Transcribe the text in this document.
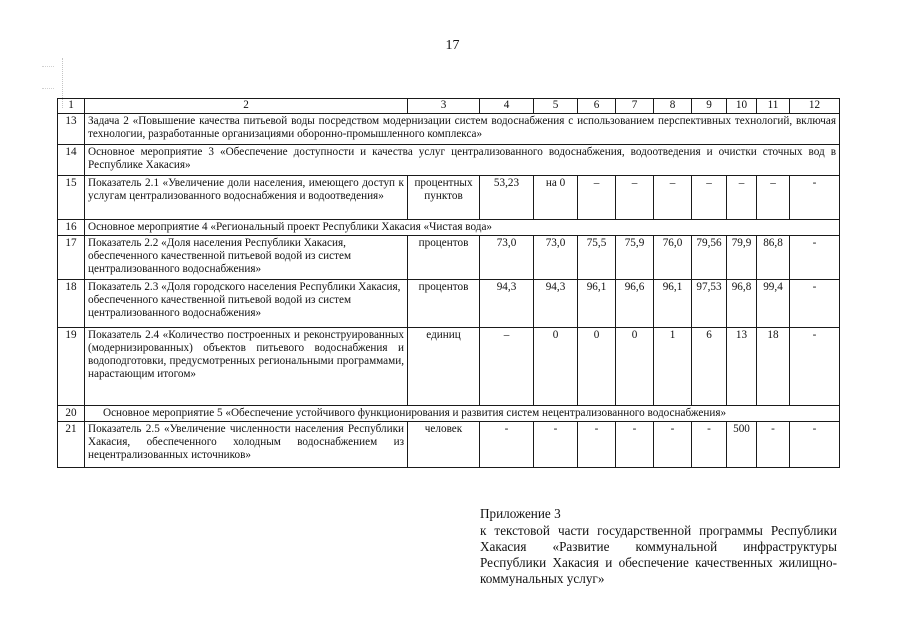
17
1	2	3	4	5	6	7	8	9	10	11	12
13	Задача 2 «Повышение качества питьевой воды посредством модернизации систем водоснабжения с использованием перспективных технологий, включая технологии, разработанные организациями оборонно-промышленного комплекса»										
14	Основное мероприятие 3 «Обеспечение доступности и качества услуг централизованного водоснабжения, водоотведения и очистки сточных вод в Республике Хакасия»										
15	Показатель 2.1 «Увеличение доли населения, имеющего доступ к услугам централизованного водоснабжения и водоотведения»	процентных пунктов	53,23	на 0	–	–	–	–	–	–	-
16	Основное мероприятие 4 «Региональный проект Республики Хакасия «Чистая вода»										
17	Показатель 2.2 «Доля населения Республики Хакасия, обеспеченного качественной питьевой водой из систем централизованного водоснабжения»	процентов	73,0	73,0	75,5	75,9	76,0	79,56	79,9	86,8	-
18	Показатель 2.3 «Доля городского населения Республики Хакасия, обеспеченного качественной питьевой водой из систем централизованного водоснабжения»	процентов	94,3	94,3	96,1	96,6	96,1	97,53	96,8	99,4	-
19	Показатель 2.4 «Количество построенных и реконструированных (модернизированных) объектов питьевого водоснабжения и водоподготовки, предусмотренных региональными программами, нарастающим итогом»	единиц	–	0	0	0	1	6	13	18	-
20	Основное мероприятие 5 «Обеспечение устойчивого функционирования и развития систем нецентрализованного водоснабжения»										
21	Показатель 2.5 «Увеличение численности населения Республики Хакасия, обеспеченного холодным водоснабжением из нецентрализованных источников»	человек	-	-	-	-	-	-	500	-	-
Приложение 3
к текстовой части государственной программы Республики Хакасия «Развитие коммунальной инфраструктуры Республики Хакасия и обеспечение качественных жилищно-коммунальных услуг»
